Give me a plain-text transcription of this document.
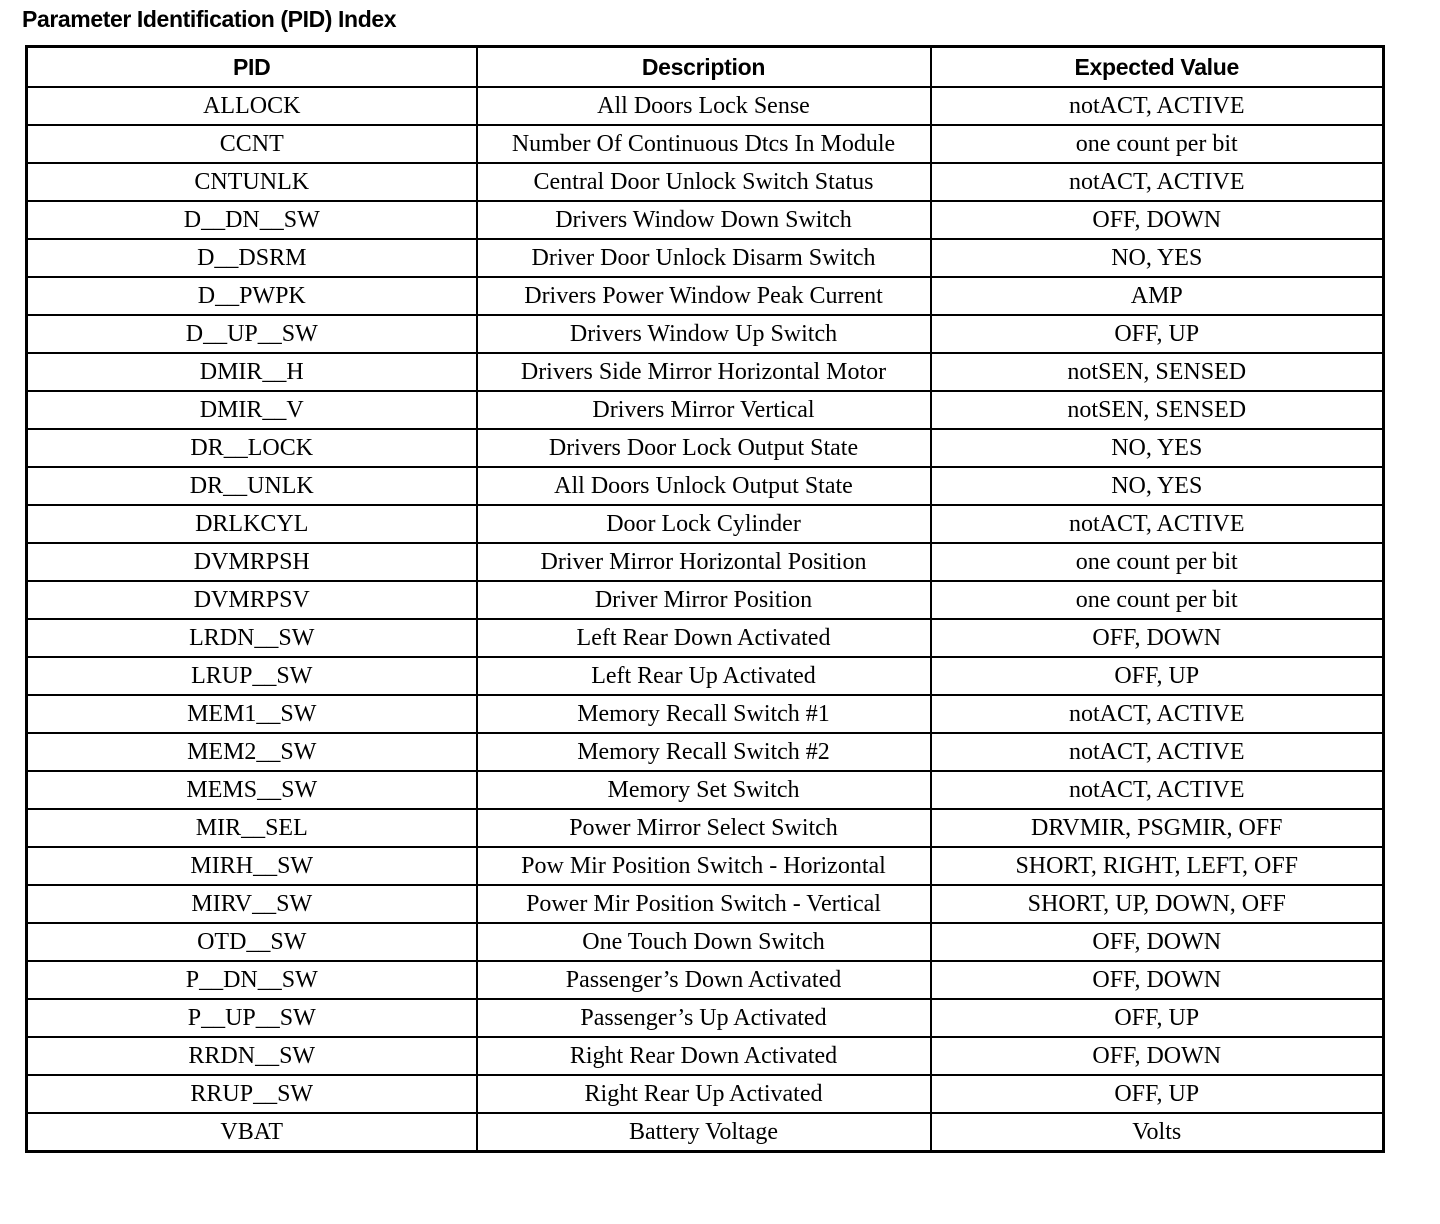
Parameter Identification (PID) Index
PID	Description	Expected Value
ALLOCK	All Doors Lock Sense	notACT, ACTIVE
CCNT	Number Of Continuous Dtcs In Module	one count per bit
CNTUNLK	Central Door Unlock Switch Status	notACT, ACTIVE
D__DN__SW	Drivers Window Down Switch	OFF, DOWN
D__DSRM	Driver Door Unlock Disarm Switch	NO, YES
D__PWPK	Drivers Power Window Peak Current	AMP
D__UP__SW	Drivers Window Up Switch	OFF, UP
DMIR__H	Drivers Side Mirror Horizontal Motor	notSEN, SENSED
DMIR__V	Drivers Mirror Vertical	notSEN, SENSED
DR__LOCK	Drivers Door Lock Output State	NO, YES
DR__UNLK	All Doors Unlock Output State	NO, YES
DRLKCYL	Door Lock Cylinder	notACT, ACTIVE
DVMRPSH	Driver Mirror Horizontal Position	one count per bit
DVMRPSV	Driver Mirror Position	one count per bit
LRDN__SW	Left Rear Down Activated	OFF, DOWN
LRUP__SW	Left Rear Up Activated	OFF, UP
MEM1__SW	Memory Recall Switch #1	notACT, ACTIVE
MEM2__SW	Memory Recall Switch #2	notACT, ACTIVE
MEMS__SW	Memory Set Switch	notACT, ACTIVE
MIR__SEL	Power Mirror Select Switch	DRVMIR, PSGMIR, OFF
MIRH__SW	Pow Mir Position Switch - Horizontal	SHORT, RIGHT, LEFT, OFF
MIRV__SW	Power Mir Position Switch - Vertical	SHORT, UP, DOWN, OFF
OTD__SW	One Touch Down Switch	OFF, DOWN
P__DN__SW	Passenger’s Down Activated	OFF, DOWN
P__UP__SW	Passenger’s Up Activated	OFF, UP
RRDN__SW	Right Rear Down Activated	OFF, DOWN
RRUP__SW	Right Rear Up Activated	OFF, UP
VBAT	Battery Voltage	Volts
